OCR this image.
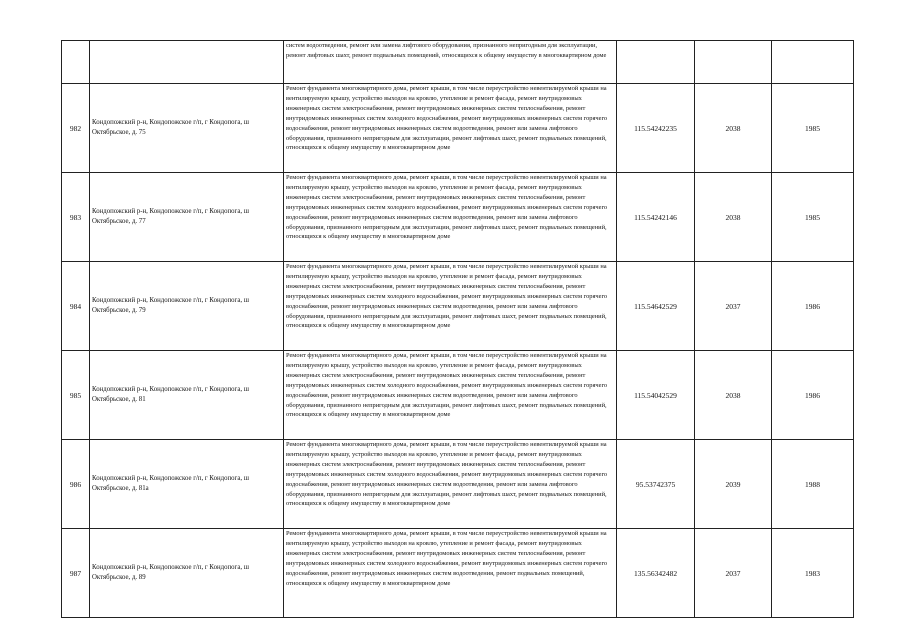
		систем водоотведения, ремонт или замена лифтового оборудования, признанного непригодным для эксплуатации, ремонт лифтовых шахт, ремонт подвальных помещений, относящихся к общему имуществу в многоквартирном доме			
982	Кондопожский р-н, Кондопожское г/п, г Кондопога, ш Октябрьское, д. 75	Ремонт фундамента многоквартирного дома, ремонт крыши, в том числе переустройство невентилируемой крыши на вентилируемую крышу, устройство выходов на кровлю, утепление и ремонт фасада, ремонт внутридомовых инженерных систем электроснабжения, ремонт внутридомовых инженерных систем теплоснабжения, ремонт внутридомовых инженерных систем холодного водоснабжения, ремонт внутридомовых инженерных систем горячего водоснабжения, ремонт внутридомовых инженерных систем водоотведения, ремонт или замена лифтового оборудования, признанного непригодным для эксплуатации, ремонт лифтовых шахт, ремонт подвальных помещений, относящихся к общему имуществу в многоквартирном доме	115.54242235	2038	1985
983	Кондопожский р-н, Кондопожское г/п, г Кондопога, ш Октябрьское, д. 77	Ремонт фундамента многоквартирного дома, ремонт крыши, в том числе переустройство невентилируемой крыши на вентилируемую крышу, устройство выходов на кровлю, утепление и ремонт фасада, ремонт внутридомовых инженерных систем электроснабжения, ремонт внутридомовых инженерных систем теплоснабжения, ремонт внутридомовых инженерных систем холодного водоснабжения, ремонт внутридомовых инженерных систем горячего водоснабжения, ремонт внутридомовых инженерных систем водоотведения, ремонт или замена лифтового оборудования, признанного непригодным для эксплуатации, ремонт лифтовых шахт, ремонт подвальных помещений, относящихся к общему имуществу в многоквартирном доме	115.54242146	2038	1985
984	Кондопожский р-н, Кондопожское г/п, г Кондопога, ш Октябрьское, д. 79	Ремонт фундамента многоквартирного дома, ремонт крыши, в том числе переустройство невентилируемой крыши на вентилируемую крышу, устройство выходов на кровлю, утепление и ремонт фасада, ремонт внутридомовых инженерных систем электроснабжения, ремонт внутридомовых инженерных систем теплоснабжения, ремонт внутридомовых инженерных систем холодного водоснабжения, ремонт внутридомовых инженерных систем горячего водоснабжения, ремонт внутридомовых инженерных систем водоотведения, ремонт или замена лифтового оборудования, признанного непригодным для эксплуатации, ремонт лифтовых шахт, ремонт подвальных помещений, относящихся к общему имуществу в многоквартирном доме	115.54642529	2037	1986
985	Кондопожский р-н, Кондопожское г/п, г Кондопога, ш Октябрьское, д. 81	Ремонт фундамента многоквартирного дома, ремонт крыши, в том числе переустройство невентилируемой крыши на вентилируемую крышу, устройство выходов на кровлю, утепление и ремонт фасада, ремонт внутридомовых инженерных систем электроснабжения, ремонт внутридомовых инженерных систем теплоснабжения, ремонт внутридомовых инженерных систем холодного водоснабжения, ремонт внутридомовых инженерных систем горячего водоснабжения, ремонт внутридомовых инженерных систем водоотведения, ремонт или замена лифтового оборудования, признанного непригодным для эксплуатации, ремонт лифтовых шахт, ремонт подвальных помещений, относящихся к общему имуществу в многоквартирном доме	115.54042529	2038	1986
986	Кондопожский р-н, Кондопожское г/п, г Кондопога, ш Октябрьское, д. 81а	Ремонт фундамента многоквартирного дома, ремонт крыши, в том числе переустройство невентилируемой крыши на вентилируемую крышу, устройство выходов на кровлю, утепление и ремонт фасада, ремонт внутридомовых инженерных систем электроснабжения, ремонт внутридомовых инженерных систем теплоснабжения, ремонт внутридомовых инженерных систем холодного водоснабжения, ремонт внутридомовых инженерных систем горячего водоснабжения, ремонт внутридомовых инженерных систем водоотведения, ремонт или замена лифтового оборудования, признанного непригодным для эксплуатации, ремонт лифтовых шахт, ремонт подвальных помещений, относящихся к общему имуществу в многоквартирном доме	95.53742375	2039	1988
987	Кондопожский р-н, Кондопожское г/п, г Кондопога, ш Октябрьское, д. 89	Ремонт фундамента многоквартирного дома, ремонт крыши, в том числе переустройство невентилируемой крыши на вентилируемую крышу, устройство выходов на кровлю, утепление и ремонт фасада, ремонт внутридомовых инженерных систем электроснабжения, ремонт внутридомовых инженерных систем теплоснабжения, ремонт внутридомовых инженерных систем холодного водоснабжения, ремонт внутридомовых инженерных систем горячего водоснабжения, ремонт внутридомовых инженерных систем водоотведения, ремонт подвальных помещений, относящихся к общему имуществу в многоквартирном доме	135.56342482	2037	1983
